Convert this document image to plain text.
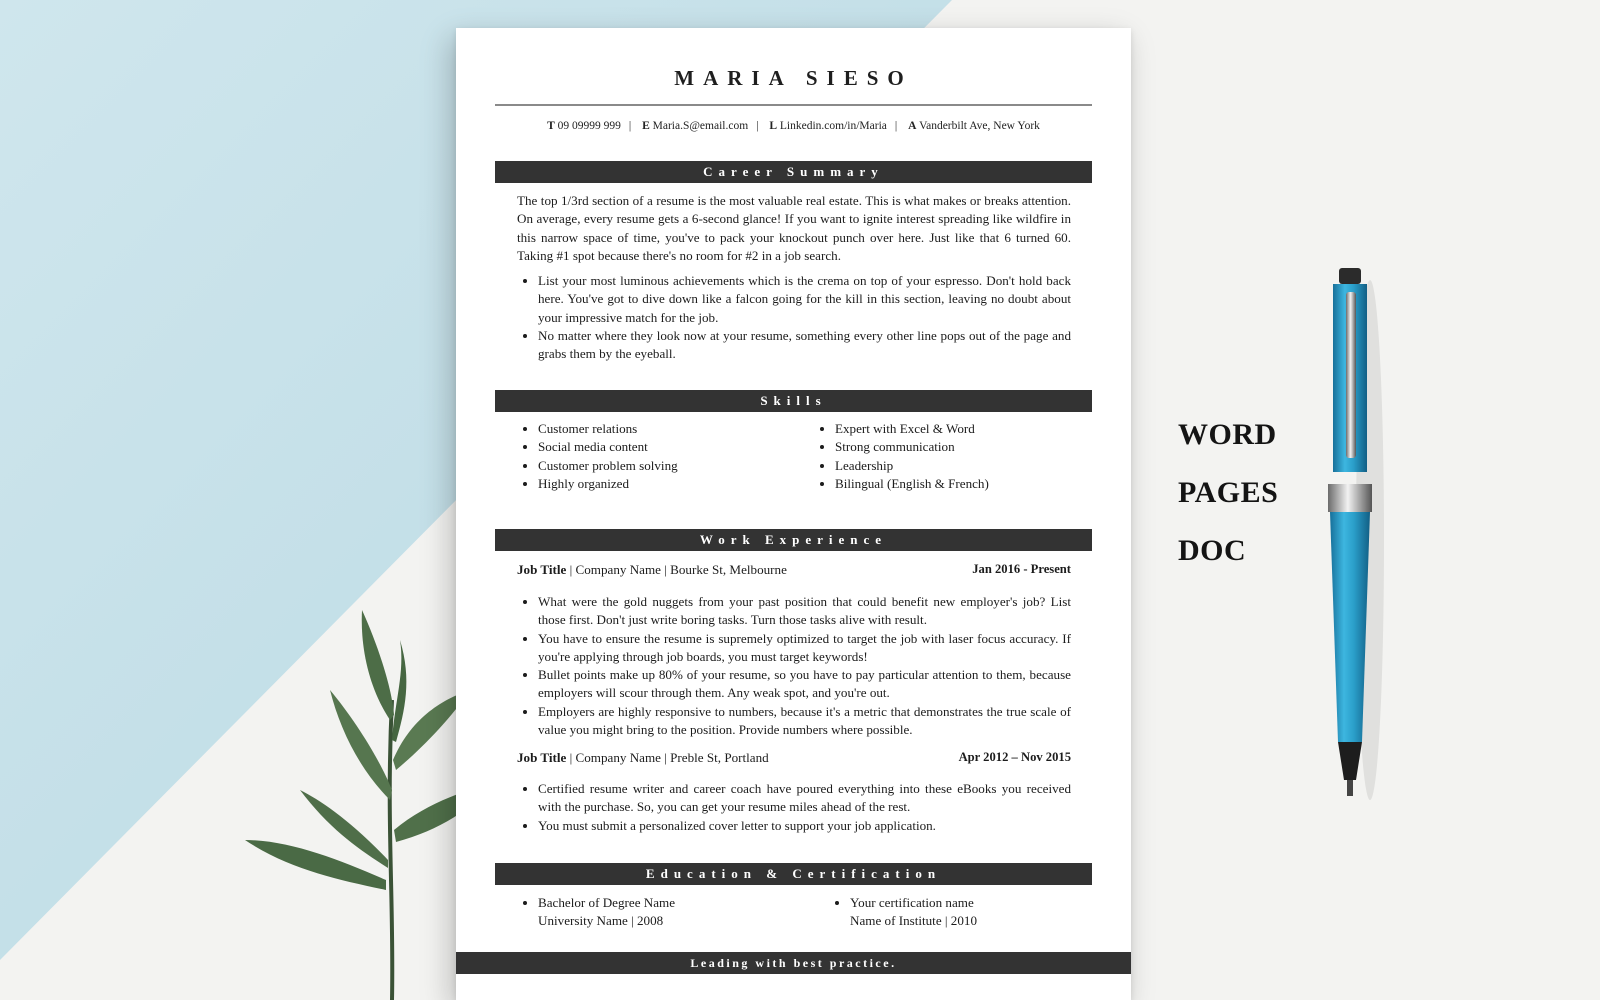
MARIA SIESO
T 09 09999 999 | E Maria.S@email.com | L Linkedin.com/in/Maria | A Vanderbilt Ave, New York
Career Summary

The top 1/3rd section of a resume is the most valuable real estate. This is what makes or breaks attention. On average, every resume gets a 6-second glance! If you want to ignite interest spreading like wildfire in this narrow space of time, you've to pack your knockout punch over here. Just like that 6 turned 60. Taking #1 spot because there's no room for #2 in a job search.

• List your most luminous achievements which is the crema on top of your espresso. Don't hold back here. You've got to dive down like a falcon going for the kill in this section, leaving no doubt about your impressive match for the job.
• No matter where they look now at your resume, something every other line pops out of the page and grabs them by the eyeball.
Skills
• Customer relations
• Social media content
• Customer problem solving
• Highly organized
• Expert with Excel & Word
• Strong communication
• Leadership
• Bilingual (English & French)
Work Experience
Job Title | Company Name | Bourke St, Melbourne	Jan 2016 - Present
• What were the gold nuggets from your past position that could benefit new employer's job? List those first. Don't just write boring tasks. Turn those tasks alive with result.
• You have to ensure the resume is supremely optimized to target the job with laser focus accuracy. If you're applying through job boards, you must target keywords!
• Bullet points make up 80% of your resume, so you have to pay particular attention to them, because employers will scour through them. Any weak spot, and you're out.
• Employers are highly responsive to numbers, because it's a metric that demonstrates the true scale of value you might bring to the position. Provide numbers where possible.
Job Title | Company Name | Preble St, Portland	Apr 2012 – Nov 2015
• Certified resume writer and career coach have poured everything into these eBooks you received with the purchase. So, you can get your resume miles ahead of the rest.
• You must submit a personalized cover letter to support your job application.
Education & Certification
• Bachelor of Degree Name
University Name | 2008
• Your certification name
Name of Institute | 2010
Leading with best practice.
WORD
PAGES
DOC
